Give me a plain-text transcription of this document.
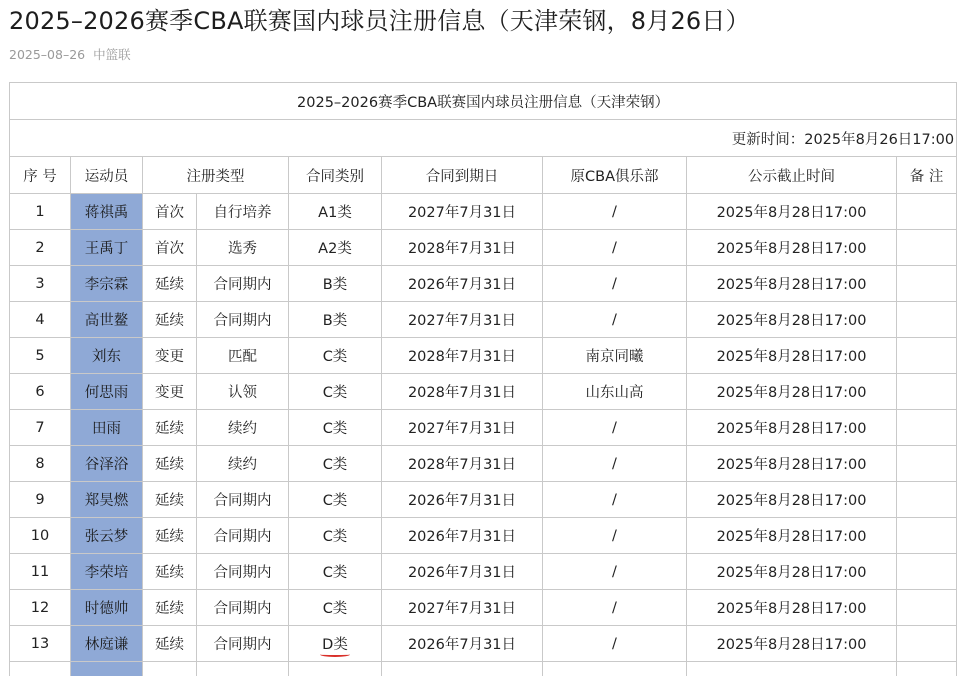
2025–2026赛季CBA联赛国内球员注册信息（天津荣钢，8月26日）
2025–08–26 中篮联
2025–2026赛季CBA联赛国内球员注册信息（天津荣钢）								
更新时间：2025年8月26日17:00								
序 号	运动员	注册类型		合同类别	合同到期日	原CBA俱乐部	公示截止时间	备 注
1	蒋祺禹	首次	自行培养	A1类	2027年7月31日	/	2025年8月28日17:00	
2	王禹丁	首次	选秀	A2类	2028年7月31日	/	2025年8月28日17:00	
3	李宗霖	延续	合同期内	B类	2026年7月31日	/	2025年8月28日17:00	
4	高世鳌	延续	合同期内	B类	2027年7月31日	/	2025年8月28日17:00	
5	刘东	变更	匹配	C类	2028年7月31日	南京同曦	2025年8月28日17:00	
6	何思雨	变更	认领	C类	2028年7月31日	山东山高	2025年8月28日17:00	
7	田雨	延续	续约	C类	2027年7月31日	/	2025年8月28日17:00	
8	谷泽浴	延续	续约	C类	2028年7月31日	/	2025年8月28日17:00	
9	郑昊燃	延续	合同期内	C类	2026年7月31日	/	2025年8月28日17:00	
10	张云梦	延续	合同期内	C类	2026年7月31日	/	2025年8月28日17:00	
11	李荣培	延续	合同期内	C类	2026年7月31日	/	2025年8月28日17:00	
12	时德帅	延续	合同期内	C类	2027年7月31日	/	2025年8月28日17:00	
13	林庭谦	延续	合同期内	D类	2026年7月31日	/	2025年8月28日17:00	
